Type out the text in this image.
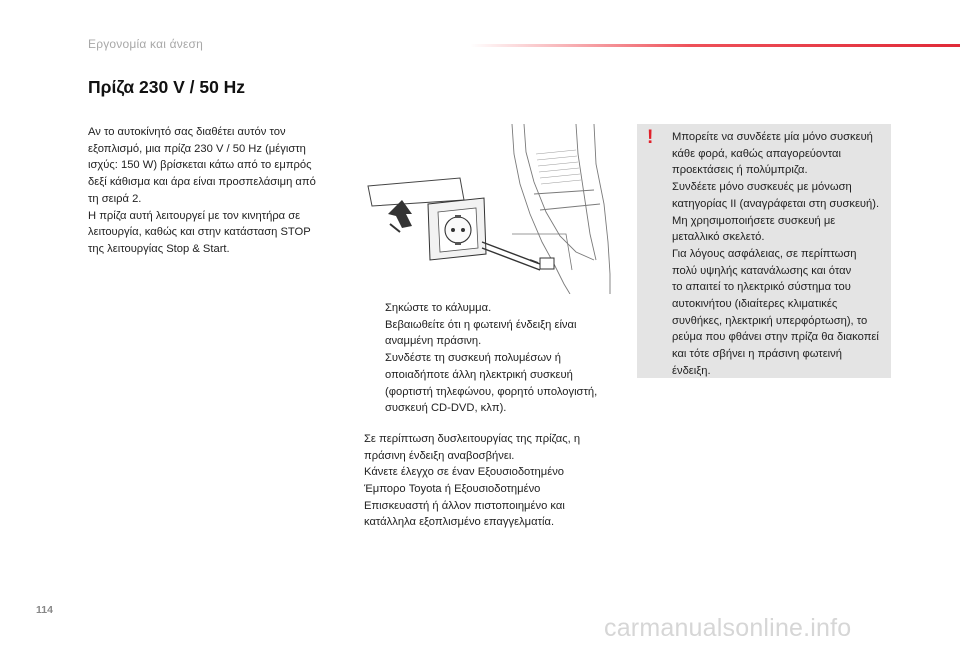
Εργονομία και άνεση
Πρίζα 230 V / 50 Hz
Αν το αυτοκίνητό σας διαθέτει αυτόν τον
εξοπλισμό, μια πρίζα 230 V / 50 Hz (μέγιστη
ισχύς: 150 W) βρίσκεται κάτω από το εμπρός
δεξί κάθισμα και άρα είναι προσπελάσιμη από
τη σειρά 2.
Η πρίζα αυτή λειτουργεί με τον κινητήρα σε
λειτουργία, καθώς και στην κατάσταση STOP
της λειτουργίας Stop & Start.
Σηκώστε το κάλυμμα.
Βεβαιωθείτε ότι η φωτεινή ένδειξη είναι
αναμμένη πράσινη.
Συνδέστε τη συσκευή πολυμέσων ή
οποιαδήποτε άλλη ηλεκτρική συσκευή
(φορτιστή τηλεφώνου, φορητό υπολογιστή,
συσκευή CD-DVD, κλπ).
Σε περίπτωση δυσλειτουργίας της πρίζας, η
πράσινη ένδειξη αναβοσβήνει.
Κάνετε έλεγχο σε έναν Εξουσιοδοτημένο
Έμπορο Toyota ή Εξουσιοδοτημένο
Επισκευαστή ή άλλον πιστοποιημένο και
κατάλληλα εξοπλισμένο επαγγελματία.
! Μπορείτε να συνδέετε μία μόνο συσκευή
κάθε φορά, καθώς απαγορεύονται
προεκτάσεις ή πολύμπριζα.
Συνδέετε μόνο συσκευές με μόνωση
κατηγορίας II (αναγράφεται στη συσκευή).
Μη χρησιμοποιήσετε συσκευή με
μεταλλικό σκελετό.
Για λόγους ασφάλειας, σε περίπτωση
πολύ υψηλής κατανάλωσης και όταν
το απαιτεί το ηλεκτρικό σύστημα του
αυτοκινήτου (ιδιαίτερες κλιματικές
συνθήκες, ηλεκτρική υπερφόρτωση), το
ρεύμα που φθάνει στην πρίζα θα διακοπεί
και τότε σβήνει η πράσινη φωτεινή
ένδειξη.
114
carmanualsonline.info
